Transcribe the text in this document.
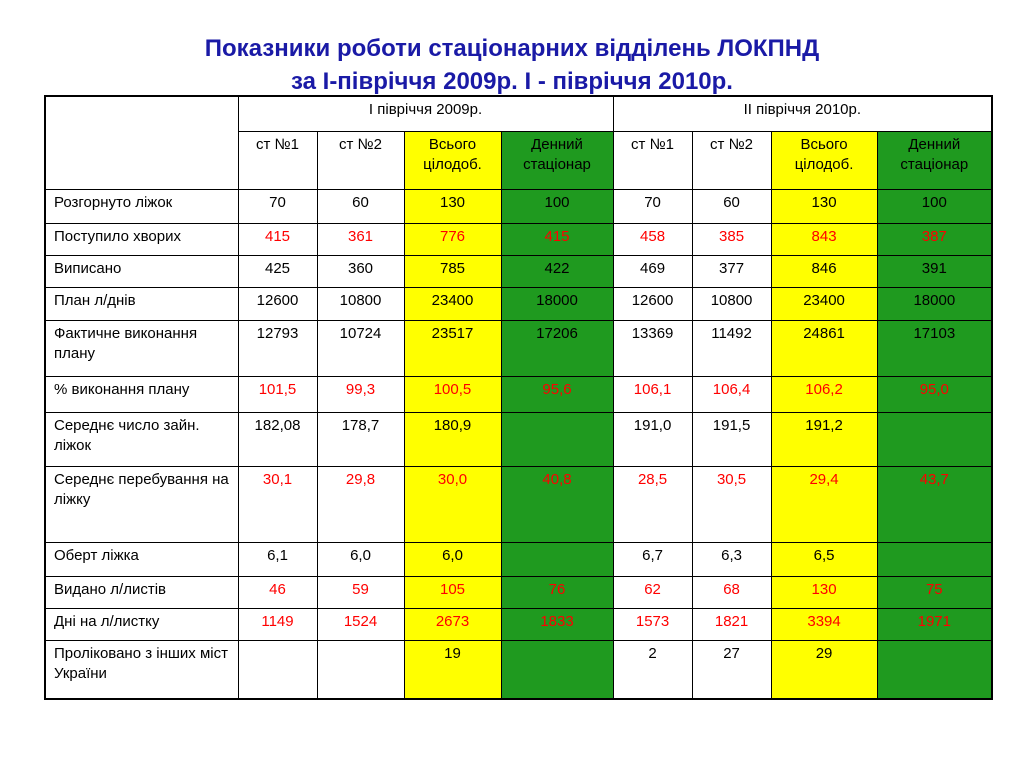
Показники роботи стаціонарних відділень ЛОКПНД
за І-півріччя 2009р. І - півріччя 2010р.
	І півріччя 2009р.				ІІ півріччя 2010р.			
	ст №1	ст №2	Всього цілодоб.	Денний стаціонар	ст №1	ст №2	Всього цілодоб.	Денний стаціонар
Розгорнуто ліжок	70	60	130	100	70	60	130	100
Поступило хворих	415	361	776	415	458	385	843	387
Виписано	425	360	785	422	469	377	846	391
План л/днів	12600	10800	23400	18000	12600	10800	23400	18000
Фактичне виконання плану	12793	10724	23517	17206	13369	11492	24861	17103
% виконання плану	101,5	99,3	100,5	95,6	106,1	106,4	106,2	95,0
Середнє число зайн. ліжок	182,08	178,7	180,9		191,0	191,5	191,2	
Середнє перебування на ліжку	30,1	29,8	30,0	40,8	28,5	30,5	29,4	43,7
Оберт ліжка	6,1	6,0	6,0		6,7	6,3	6,5	
Видано л/листів	46	59	105	76	62	68	130	75
Дні на л/листку	1149	1524	2673	1833	1573	1821	3394	1971
Проліковано з інших міст України			19		2	27	29	
